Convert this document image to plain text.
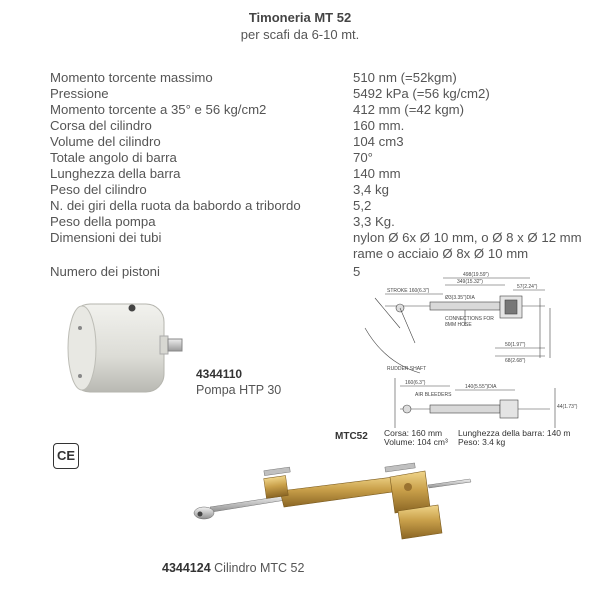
Timoneria MT 52
per scafi da 6-10 mt.
Momento torcente massimo	510 nm (=52kgm)
Pressione	5492 kPa (=56 kg/cm2)
Momento torcente a 35° e 56 kg/cm2	412 mm (=42 kgm)
Corsa del cilindro	160 mm.
Volume del cilindro	104 cm3
Totale angolo di barra	70°
Lunghezza della barra	140 mm
Peso del cilindro	3,4 kg
N. dei giri della ruota da babordo a tribordo	5,2
Peso della pompa	3,3 Kg.
Dimensioni dei tubi	nylon Ø 6x Ø 10 mm, o Ø 8 x Ø 12 mm
rame o acciaio Ø 8x Ø 10 mm
Numero dei pistoni	5
4344110
Pompa HTP 30
CE
498(19.59")
349(15.32")
57(2.24")
STROKE 160(6.3")
Ø3(3.35")DIA
CONNECTIONS FOR
8MM HOSE
50(1.97")
68(2.68")
RUDDER SHAFT
160(6.3")
AIR BLEEDERS
140(5.55")DIA
44(1.73")
MTC52 Corsa: 160 mm
Volume: 104 cm³
Lunghezza della barra: 140 m
Peso: 3.4 kg
4344124 Cilindro MTC 52
